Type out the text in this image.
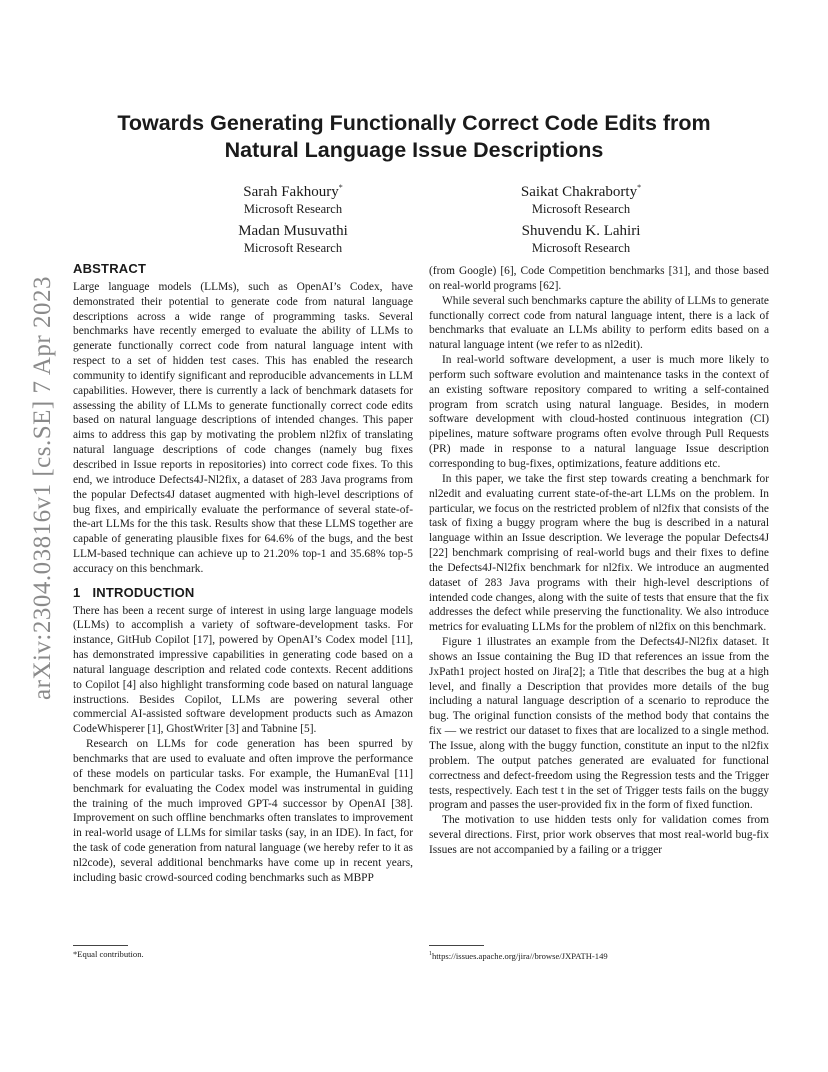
arXiv:2304.03816v1 [cs.SE] 7 Apr 2023
Towards Generating Functionally Correct Code Edits from
Natural Language Issue Descriptions
Sarah Fakhoury*
Microsoft Research
Saikat Chakraborty*
Microsoft Research
Madan Musuvathi
Microsoft Research
Shuvendu K. Lahiri
Microsoft Research
ABSTRACT

Large language models (LLMs), such as OpenAI’s Codex, have demonstrated their potential to generate code from natural language descriptions across a wide range of programming tasks. Several benchmarks have recently emerged to evaluate the ability of LLMs to generate functionally correct code from natural language intent with respect to a set of hidden test cases. This has enabled the research community to identify significant and reproducible advancements in LLM capabilities. However, there is currently a lack of benchmark datasets for assessing the ability of LLMs to generate functionally correct code edits based on natural language descriptions of intended changes. This paper aims to address this gap by motivating the problem nl2fix of translating natural language descriptions of code changes (namely bug fixes described in Issue reports in repositories) into correct code fixes. To this end, we introduce Defects4J-Nl2fix, a dataset of 283 Java programs from the popular Defects4J dataset augmented with high-level descriptions of bug fixes, and empirically evaluate the performance of several state-of-the-art LLMs for the this task. Results show that these LLMS together are capable of generating plausible fixes for 64.6% of the bugs, and the best LLM-based technique can achieve up to 21.20% top-1 and 35.68% top-5 accuracy on this benchmark.

1 INTRODUCTION

There has been a recent surge of interest in using large language models (LLMs) to accomplish a variety of software-development tasks. For instance, GitHub Copilot [17], powered by OpenAI’s Codex model [11], has demonstrated impressive capabilities in generating code based on a natural language description and related code contexts. Recent additions to Copilot [4] also highlight transforming code based on natural language instructions. Besides Copilot, LLMs are powering several other commercial AI-assisted software development products such as Amazon CodeWhisperer [1], GhostWriter [3] and Tabnine [5].

Research on LLMs for code generation has been spurred by benchmarks that are used to evaluate and often improve the performance of these models on particular tasks. For example, the HumanEval [11] benchmark for evaluating the Codex model was instrumental in guiding the training of the much improved GPT-4 successor by OpenAI [38]. Improvement on such offline benchmarks often translates to improvement in real-world usage of LLMs for similar tasks (say, in an IDE). In fact, for the task of code generation from natural language (we hereby refer to it as nl2code), several additional benchmarks have come up in recent years, including basic crowd-sourced coding benchmarks such as MBPP

(from Google) [6], Code Competition benchmarks [31], and those based on real-world programs [62].

While several such benchmarks capture the ability of LLMs to generate functionally correct code from natural language intent, there is a lack of benchmarks that evaluate an LLMs ability to perform edits based on a natural language intent (we refer to as nl2edit).

In real-world software development, a user is much more likely to perform such software evolution and maintenance tasks in the context of an existing software repository compared to writing a self-contained program from scratch using natural language. Besides, in modern software development with cloud-hosted continuous integration (CI) pipelines, mature software programs often evolve through Pull Requests (PR) made in response to a natural language Issue description corresponding to bug-fixes, optimizations, feature additions etc.

In this paper, we take the first step towards creating a benchmark for nl2edit and evaluating current state-of-the-art LLMs on the problem. In particular, we focus on the restricted problem of nl2fix that consists of the task of fixing a buggy program where the bug is described in a natural language within an Issue description. We leverage the popular Defects4J [22] benchmark comprising of real-world bugs and their fixes to define the Defects4J-Nl2fix benchmark for nl2fix. We introduce an augmented dataset of 283 Java programs with their high-level descriptions of intended code changes, along with the suite of tests that ensure that the fix addresses the defect while preserving the functionality. We also introduce metrics for evaluating LLMs for the problem of nl2fix on this benchmark.

Figure 1 illustrates an example from the Defects4J-Nl2fix dataset. It shows an Issue containing the Bug ID that references an issue from the JxPath1 project hosted on Jira[2]; a Title that describes the bug at a high level, and finally a Description that provides more details of the bug including a natural language description of a scenario to reproduce the bug. The original function consists of the method body that contains the fix — we restrict our dataset to fixes that are localized to a single method. The Issue, along with the buggy function, constitute an input to the nl2fix problem. The output patches generated are evaluated for functional correctness and defect-freedom using the Regression tests and the Trigger tests, respectively. Each test t in the set of Trigger tests fails on the buggy program and passes the user-provided fix in the form of fixed function.

The motivation to use hidden tests only for validation comes from several directions. First, prior work observes that most real-world bug-fix Issues are not accompanied by a failing or a trigger

*Equal contribution.	$^1$https://issues.apache.org/jira//browse/JXPATH-149
